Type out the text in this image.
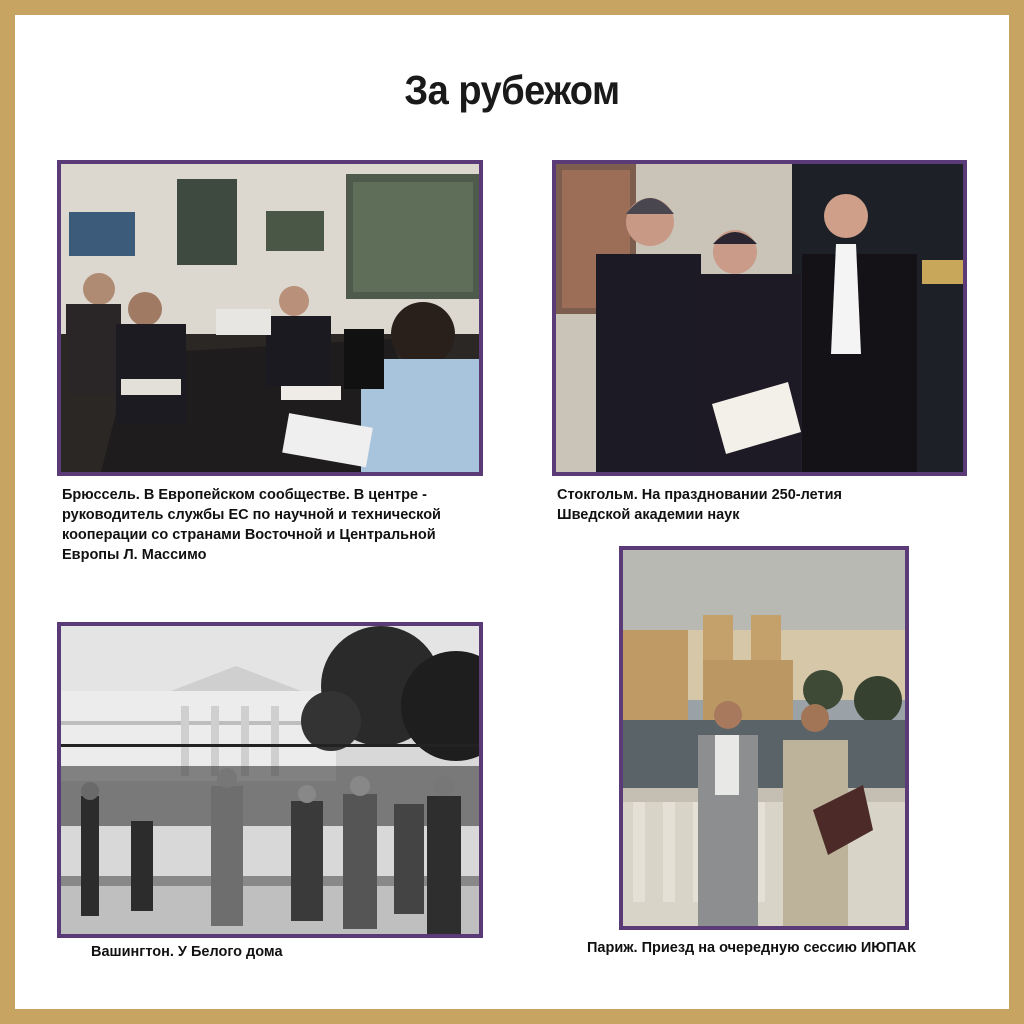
За рубежом
Брюссель. В Европейском сообществе. В центре -
руководитель службы ЕС по научной и технической
кооперации со странами Восточной и Центральной
Европы Л. Массимо
Стокгольм. На праздновании 250-летия
Шведской академии наук
Вашингтон. У Белого дома	Париж. Приезд на очередную сессию ИЮПАК
